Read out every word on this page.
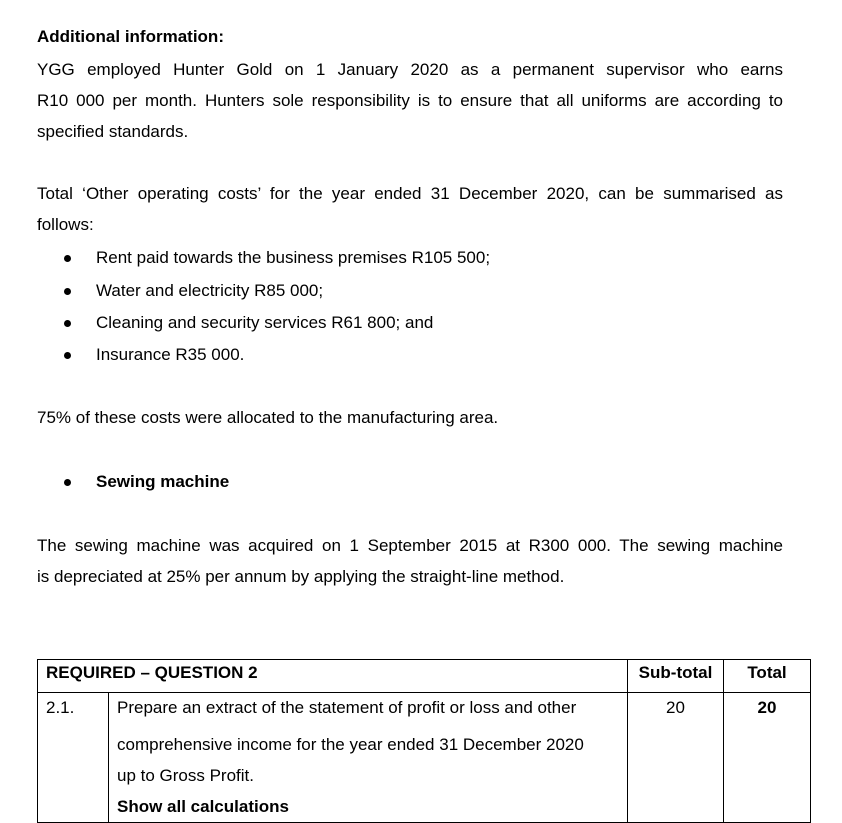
Additional information:
YGG employed Hunter Gold on 1 January 2020 as a permanent supervisor who earns
R10 000 per month. Hunters sole responsibility is to ensure that all uniforms are according to
specified standards.
Total ‘Other operating costs’ for the year ended 31 December 2020, can be summarised as
follows:
Rent paid towards the business premises R105 500;
Water and electricity R85 000;
Cleaning and security services R61 800; and
Insurance R35 000.
75% of these costs were allocated to the manufacturing area.
Sewing machine
The sewing machine was acquired on 1 September 2015 at R300 000. The sewing machine
is depreciated at 25% per annum by applying the straight-line method.
REQUIRED – QUESTION 2		Sub-total	Total
2.1.	Prepare an extract of the statement of profit or loss and other
comprehensive income for the year ended 31 December 2020
up to Gross Profit.
Show all calculations	20	20
